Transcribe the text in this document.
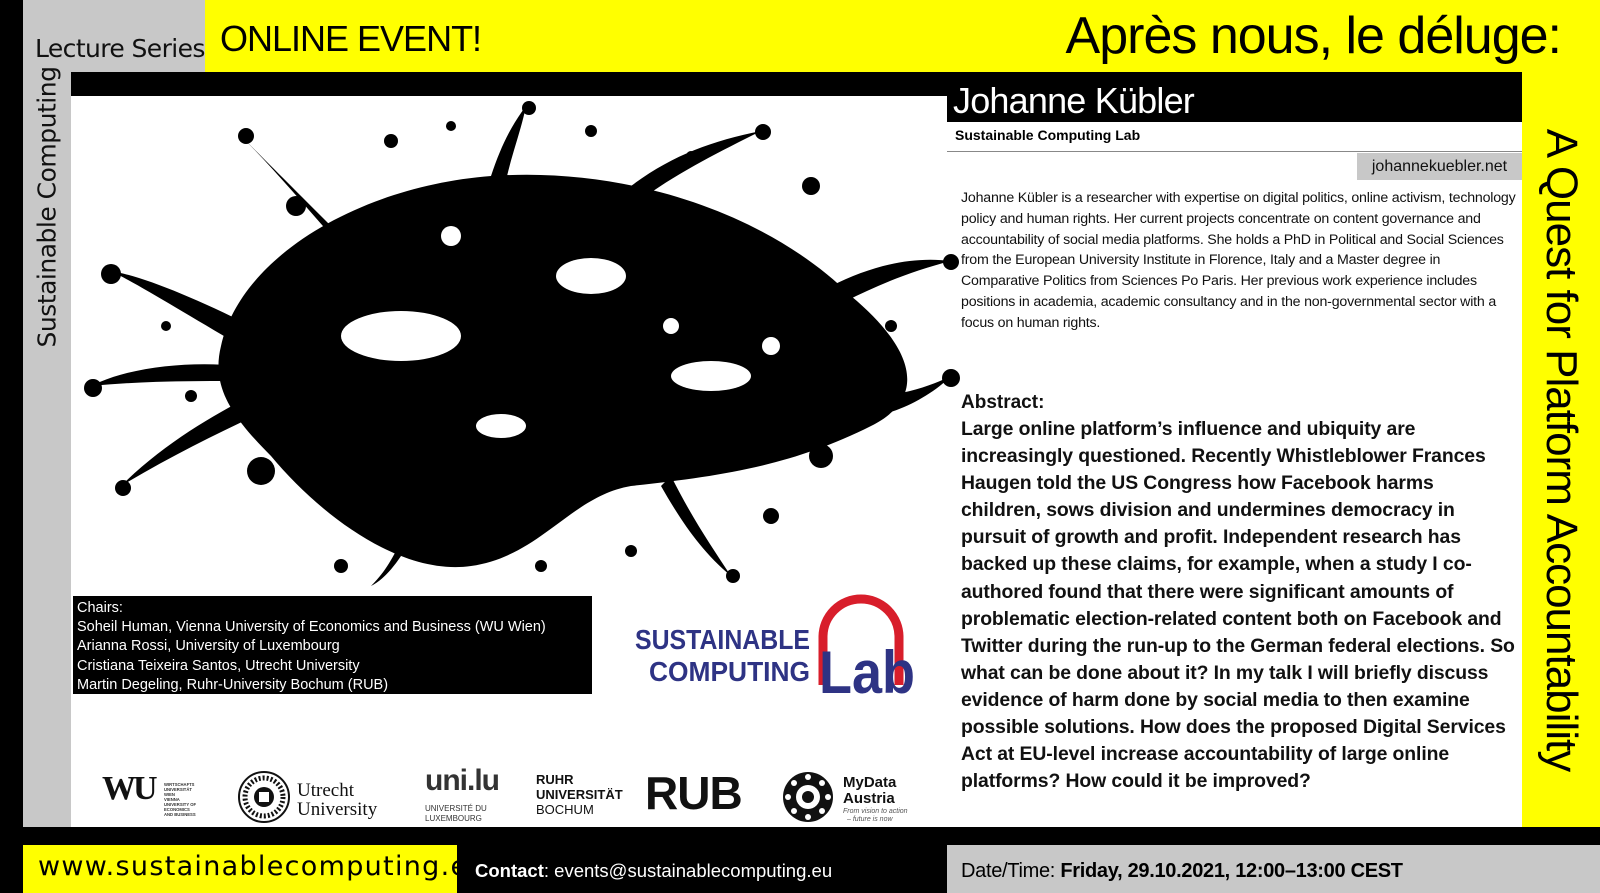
Lecture Series
Sustainable Computing
ONLINE EVENT!	Après nous, le déluge:
A Quest for Platform Accountability
Johanne Kübler
Sustainable Computing Lab
johannekuebler.net
Johanne Kübler is a researcher with expertise on digital politics, online activism, technology policy and human rights. Her current projects concentrate on content governance and accountability of social media platforms. She holds a PhD in Political and Social Sciences from the European University Institute in Florence, Italy and a Master degree in Comparative Politics from Sciences Po Paris. Her previous work experience includes positions in academia, academic consultancy and in the non-governmental sector with a focus on human rights.
Abstract:
Large online platform’s influence and ubiquity are increasingly questioned. Recently Whistleblower Frances Haugen told the US Congress how Facebook harms children, sows division and undermines democracy in pursuit of growth and profit. Independent research has backed up these claims, for example, when a study I co-authored found that there were significant amounts of problematic election-related content both on Facebook and Twitter during the run-up to the German federal elections. So what can be done about it? In my talk I will briefly discuss evidence of harm done by social media to then examine possible solutions. How does the proposed Digital Services Act at EU-level increase accountability of large online platforms? How could it be improved?
Chairs:
Soheil Human, Vienna University of Economics and Business (WU Wien)
Arianna Rossi, University of Luxembourg
Cristiana Teixeira Santos, Utrecht University
Martin Degeling, Ruhr-University Bochum (RUB)
SUSTAINABLE
COMPUTING Lab
WU WIRTSCHAFTS
UNIVERSITÄT
WIEN
VIENNA
UNIVERSITY OF
ECONOMICS
AND BUSINESS
Utrecht
University
uni.lu
UNIVERSITÉ DU
LUXEMBOURG
RUHR
UNIVERSITÄT
BOCHUM	RUB	MyData
Austria
From vision to action
– future is now
www.sustainablecomputing.eu
Contact: events@sustainablecomputing.eu	Date/Time: Friday, 29.10.2021, 12:00–13:00 CEST
